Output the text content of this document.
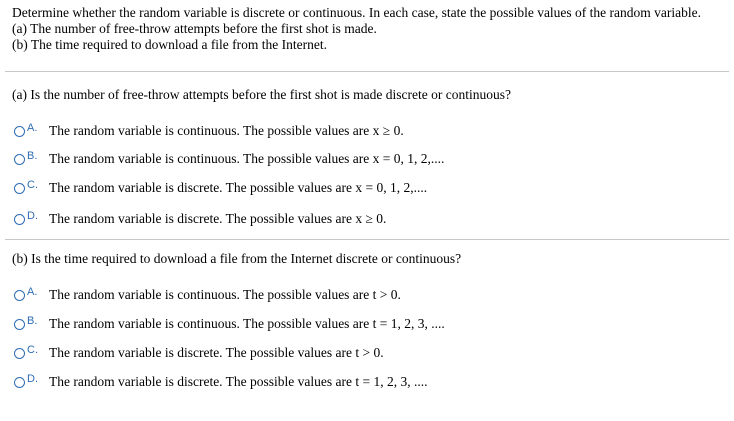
Determine whether the random variable is discrete or continuous. In each case, state the possible values of the random variable.

(a) The number of free-throw attempts before the first shot is made.

(b) The time required to download a file from the Internet.

(a) Is the number of free-throw attempts before the first shot is made discrete or continuous?
A. The random variable is continuous. The possible values are x ≥ 0.
B. The random variable is continuous. The possible values are x = 0, 1, 2,....
C. The random variable is discrete. The possible values are x = 0, 1, 2,....
D. The random variable is discrete. The possible values are x ≥ 0.
(b) Is the time required to download a file from the Internet discrete or continuous?
A. The random variable is continuous. The possible values are t > 0.
B. The random variable is continuous. The possible values are t = 1, 2, 3, ....
C. The random variable is discrete. The possible values are t > 0.
D. The random variable is discrete. The possible values are t = 1, 2, 3, ....
